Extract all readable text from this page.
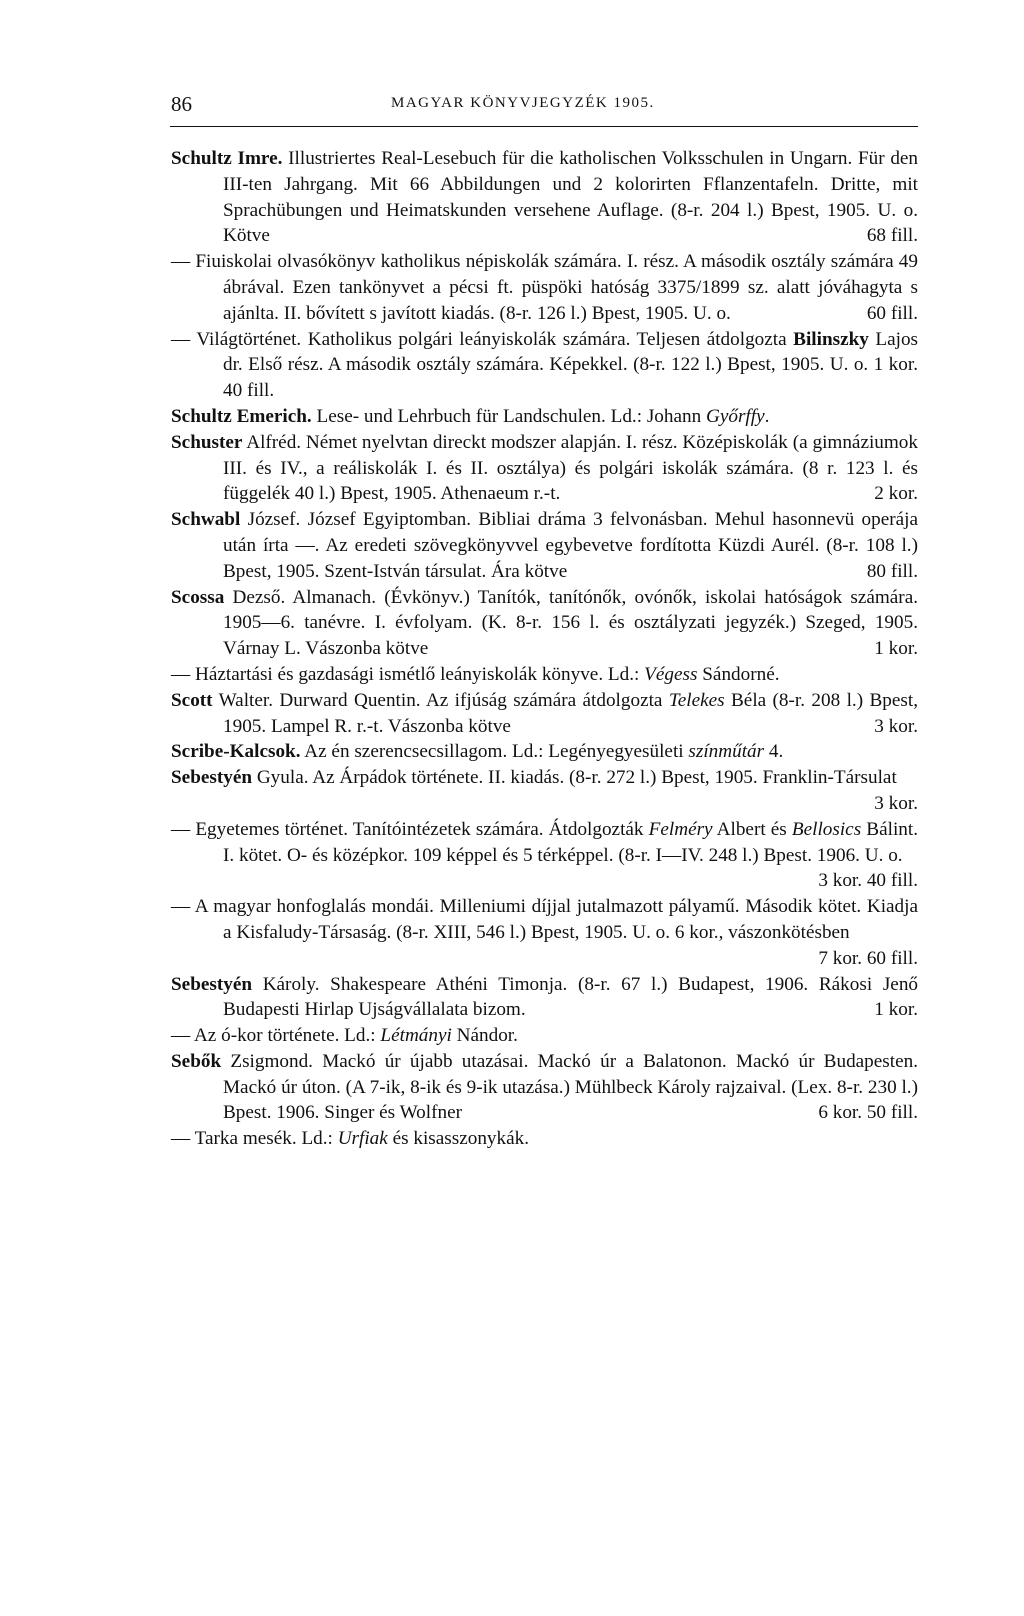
86	MAGYAR KÖNYVJEGYZÉK 1905.

Schultz Imre. Illustriertes Real-Lesebuch für die katholischen Volksschulen in Ungarn. Für den III-ten Jahrgang. Mit 66 Abbildungen und 2 kolorirten Fflanzentafeln. Dritte, mit Sprachübungen und Heimatskunden versehene Auflage. (8-r. 204 l.) Bpest, 1905. U. o. Kötve	68 fill.

— Fiuiskolai olvasókönyv katholikus népiskolák számára. I. rész. A második osztály számára 49 ábrával. Ezen tankönyvet a pécsi ft. püspöki hatóság 3375/1899 sz. alatt jóváhagyta s ajánlta. II. bővített s javított kiadás. (8-r. 126 l.) Bpest, 1905. U. o.	60 fill.

— Világtörténet. Katholikus polgári leányiskolák számára. Teljesen átdolgozta Bilinszky Lajos dr. Első rész. A második osztály számára. Képekkel. (8-r. 122 l.) Bpest, 1905. U. o. 1 kor. 40 fill.

Schultz Emerich. Lese- und Lehrbuch für Landschulen. Ld.: Johann Győrffy.

Schuster Alfréd. Német nyelvtan direckt modszer alapján. I. rész. Középiskolák (a gimnáziumok III. és IV., a reáliskolák I. és II. osztálya) és polgári iskolák számára. (8 r. 123 l. és függelék 40 l.) Bpest, 1905. Athenaeum r.-t.	2 kor.

Schwabl József. József Egyiptomban. Bibliai dráma 3 felvonásban. Mehul hasonnevü operája után írta —. Az eredeti szövegkönyvvel egybevetve fordította Küzdi Aurél. (8-r. 108 l.) Bpest, 1905. Szent-István társulat. Ára kötve	80 fill.

Scossa Dezső. Almanach. (Évkönyv.) Tanítók, tanítónők, ovónők, iskolai hatóságok számára. 1905—6. tanévre. I. évfolyam. (K. 8-r. 156 l. és osztályzati jegyzék.) Szeged, 1905. Várnay L. Vászonba kötve	1 kor.

— Háztartási és gazdasági ismétlő leányiskolák könyve. Ld.: Végess Sándorné.

Scott Walter. Durward Quentin. Az ifjúság számára átdolgozta Telekes Béla (8-r. 208 l.) Bpest, 1905. Lampel R. r.-t. Vászonba kötve	3 kor.

Scribe-Kalcsok. Az én szerencsecsillagom. Ld.: Legényegyesületi színműtár 4.

Sebestyén Gyula. Az Árpádok története. II. kiadás. (8-r. 272 l.) Bpest, 1905. Franklin-Társulat
3 kor.

— Egyetemes történet. Tanítóintézetek számára. Átdolgozták Felméry Albert és Bellosics Bálint. I. kötet. O- és középkor. 109 képpel és 5 térképpel. (8-r. I—IV. 248 l.) Bpest. 1906. U. o.
3 kor. 40 fill.

— A magyar honfoglalás mondái. Milleniumi díjjal jutalmazott pályamű. Második kötet. Kiadja a Kisfaludy-Társaság. (8-r. XIII, 546 l.) Bpest, 1905. U. o. 6 kor., vászonkötésben
7 kor. 60 fill.

Sebestyén Károly. Shakespeare Athéni Timonja. (8-r. 67 l.) Budapest, 1906. Rákosi Jenő Budapesti Hirlap Ujságvállalata bizom.	1 kor.

— Az ó-kor története. Ld.: Létmányi Nándor.

Sebők Zsigmond. Mackó úr újabb utazásai. Mackó úr a Balatonon. Mackó úr Budapesten. Mackó úr úton. (A 7-ik, 8-ik és 9-ik utazása.) Mühlbeck Károly rajzaival. (Lex. 8-r. 230 l.) Bpest. 1906. Singer és Wolfner	6 kor. 50 fill.

— Tarka mesék. Ld.: Urfiak és kisasszonykák.
